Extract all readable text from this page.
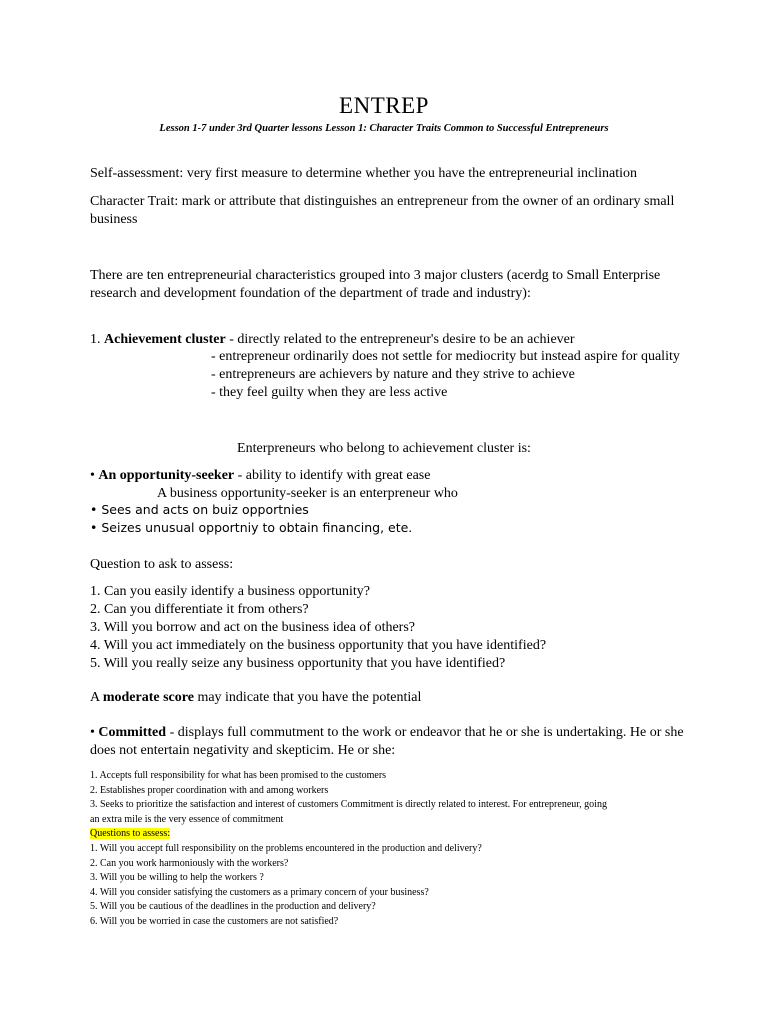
ENTREP

Lesson 1-7 under 3rd Quarter lessons Lesson 1: Character Traits Common to Successful Entrepreneurs

Self-assessment: very first measure to determine whether you have the entrepreneurial inclination

Character Trait: mark or attribute that distinguishes an entrepreneur from the owner of an ordinary small

business

There are ten entrepreneurial characteristics grouped into 3 major clusters (acerdg to Small Enterprise

research and development foundation of the department of trade and industry):

1. Achievement cluster - directly related to the entrepreneur's desire to be an achiever

- entrepreneur ordinarily does not settle for mediocrity but instead aspire for quality

- entrepreneurs are achievers by nature and they strive to achieve

- they feel guilty when they are less active

Enterpreneurs who belong to achievement cluster is:

• An opportunity-seeker - ability to identify with great ease

A business opportunity-seeker is an enterpreneur who

• Sees and acts on buiz opportnies

• Seizes unusual opportniy to obtain financing, ete.

Question to ask to assess:

1. Can you easily identify a business opportunity?

2. Can you differentiate it from others?

3. Will you borrow and act on the business idea of others?

4. Will you act immediately on the business opportunity that you have identified?

5. Will you really seize any business opportunity that you have identified?

A moderate score may indicate that you have the potential

• Committed - displays full commutment to the work or endeavor that he or she is undertaking. He or she

does not entertain negativity and skepticim. He or she:

1. Accepts full responsibility for what has been promised to the customers

2. Establishes proper coordination with and among workers

3. Seeks to prioritize the satisfaction and interest of customers Commitment is directly related to interest. For entrepreneur, going

an extra mile is the very essence of commitment

Questions to assess:

1. Will you accept full responsibility on the problems encountered in the production and delivery?

2. Can you work harmoniously with the workers?

3. Will you be willing to help the workers ?

4. Will you consider satisfying the customers as a primary concern of your business?

5. Will you be cautious of the deadlines in the production and delivery?

6. Will you be worried in case the customers are not satisfied?
